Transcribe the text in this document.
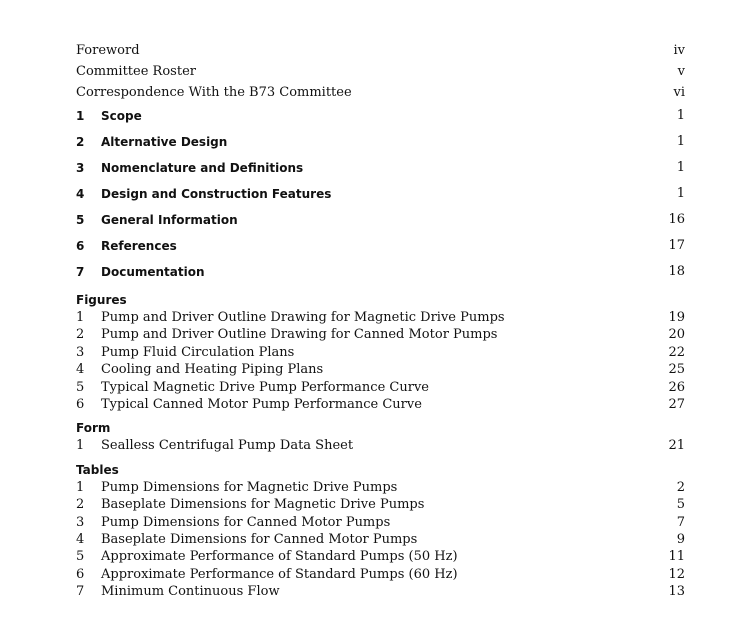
Foreword	iv
Committee Roster	v
Correspondence With the B73 Committee	vi
1 Scope	1
2 Alternative Design	1
3 Nomenclature and Definitions	1
4 Design and Construction Features	1
5 General Information	16
6 References	17
7 Documentation	18
Figures
1 Pump and Driver Outline Drawing for Magnetic Drive Pumps	19
2 Pump and Driver Outline Drawing for Canned Motor Pumps	20
3 Pump Fluid Circulation Plans	22
4 Cooling and Heating Piping Plans	25
5 Typical Magnetic Drive Pump Performance Curve	26
6 Typical Canned Motor Pump Performance Curve	27
Form
1 Sealless Centrifugal Pump Data Sheet	21
Tables
1 Pump Dimensions for Magnetic Drive Pumps	2
2 Baseplate Dimensions for Magnetic Drive Pumps	5
3 Pump Dimensions for Canned Motor Pumps	7
4 Baseplate Dimensions for Canned Motor Pumps	9
5 Approximate Performance of Standard Pumps (50 Hz)	11
6 Approximate Performance of Standard Pumps (60 Hz)	12
7 Minimum Continuous Flow	13
